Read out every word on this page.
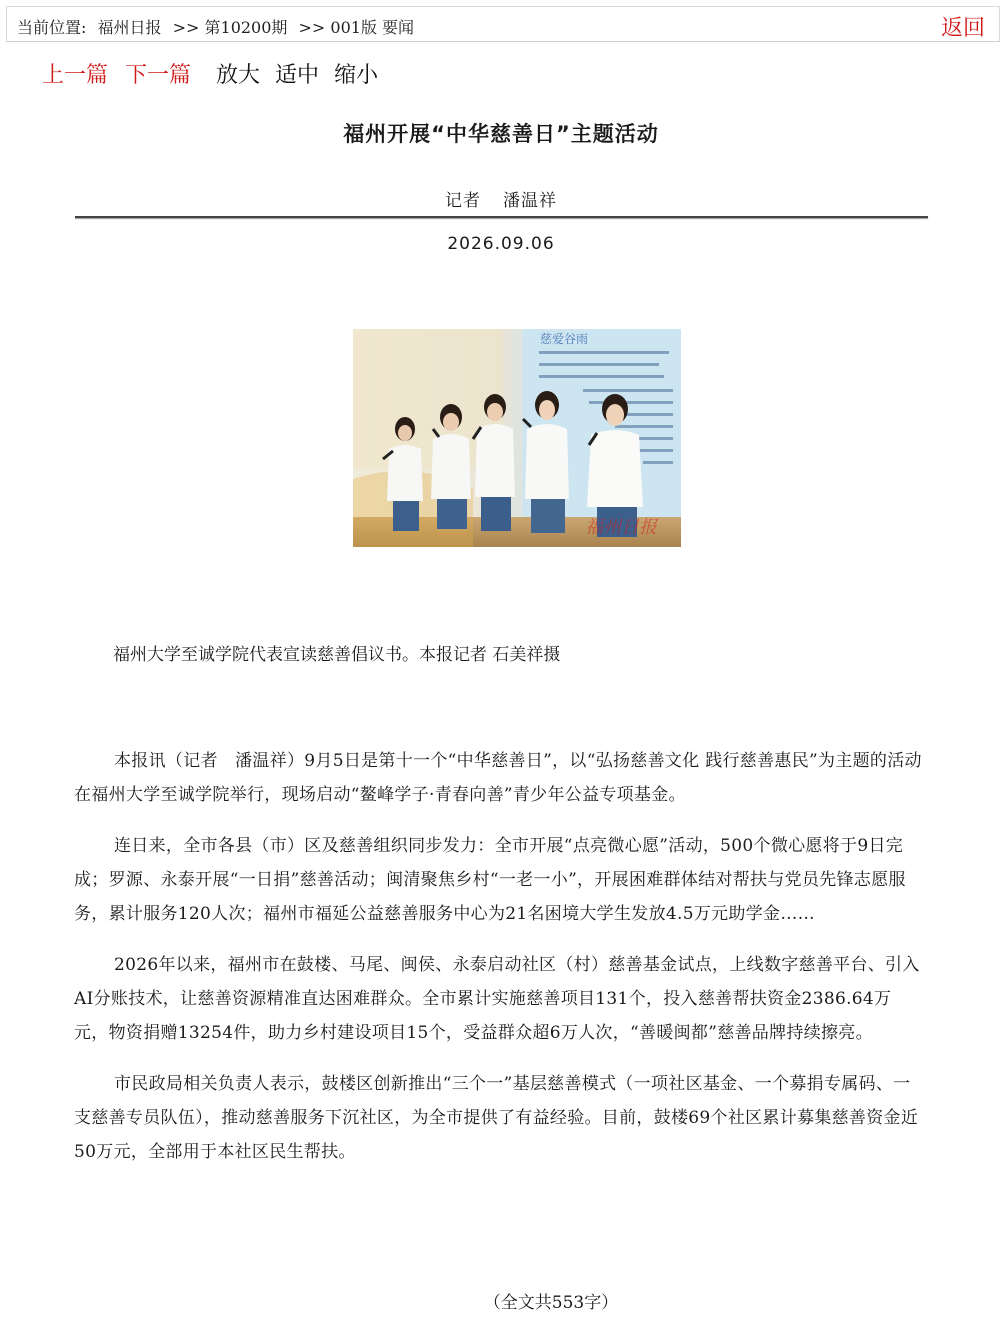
当前位置: 福州日报 >> 第10200期 >> 001版 要闻	返回
上一篇 下一篇 放大 适中 缩小
福州开展“中华慈善日”主题活动
记者 潘温祥
2026.09.06
慈爱谷雨
福州日报
福州大学至诚学院代表宣读慈善倡议书。本报记者 石美祥摄

本报讯（记者　潘温祥）9月5日是第十一个“中华慈善日”，以“弘扬慈善文化 践行慈善惠民”为主题的活动在福州大学至诚学院举行，现场启动“鳌峰学子·青春向善”青少年公益专项基金。

连日来，全市各县（市）区及慈善组织同步发力：全市开展“点亮微心愿”活动，500个微心愿将于9日完成；罗源、永泰开展“一日捐”慈善活动；闽清聚焦乡村“一老一小”，开展困难群体结对帮扶与党员先锋志愿服务，累计服务120人次；福州市福延公益慈善服务中心为21名困境大学生发放4.5万元助学金……

2026年以来，福州市在鼓楼、马尾、闽侯、永泰启动社区（村）慈善基金试点，上线数字慈善平台、引入AI分账技术，让慈善资源精准直达困难群众。全市累计实施慈善项目131个，投入慈善帮扶资金2386.64万元，物资捐赠13254件，助力乡村建设项目15个，受益群众超6万人次，“善暖闽都”慈善品牌持续擦亮。

市民政局相关负责人表示，鼓楼区创新推出“三个一”基层慈善模式（一项社区基金、一个募捐专属码、一支慈善专员队伍），推动慈善服务下沉社区，为全市提供了有益经验。目前，鼓楼69个社区累计募集慈善资金近50万元，全部用于本社区民生帮扶。

（全文共553字）
